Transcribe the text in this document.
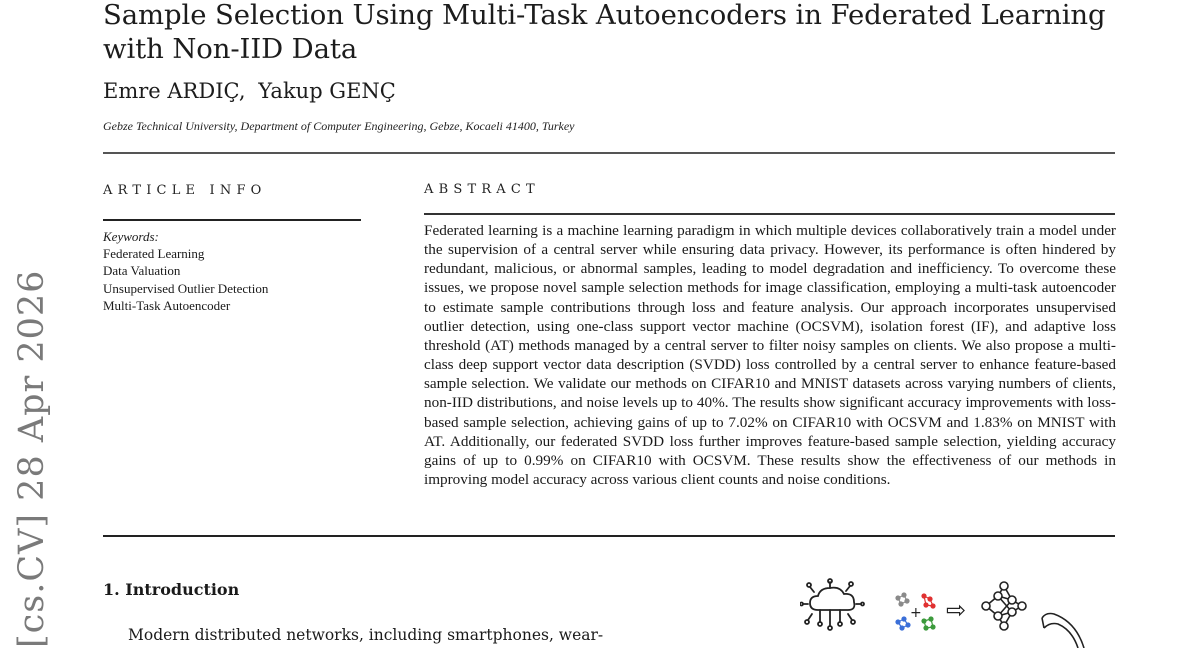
Sample Selection Using Multi-Task Autoencoders in Federated Learning with Non-IID Data
Emre ARDIÇ, Yakup GENÇ
Gebze Technical University, Department of Computer Engineering, Gebze, Kocaeli 41400, Turkey
ARTICLE INFO
Keywords:
Federated Learning
Data Valuation
Unsupervised Outlier Detection
Multi-Task Autoencoder
ABSTRACT

Federated learning is a machine learning paradigm in which multiple devices collaboratively train a model under the supervision of a central server while ensuring data privacy. However, its performance is often hindered by redundant, malicious, or abnormal samples, leading to model degradation and inefficiency. To overcome these issues, we propose novel sample selection methods for image classification, employing a multi-task autoencoder to estimate sample contributions through loss and feature analysis. Our approach incorporates unsupervised outlier detection, using one-class support vector machine (OCSVM), isolation forest (IF), and adaptive loss threshold (AT) methods managed by a central server to filter noisy samples on clients. We also propose a multi-class deep support vector data description (SVDD) loss controlled by a central server to enhance feature-based sample selection. We validate our methods on CIFAR10 and MNIST datasets across varying numbers of clients, non-IID distributions, and noise levels up to 40%. The results show significant accuracy improvements with loss-based sample selection, achieving gains of up to 7.02% on CIFAR10 with OCSVM and 1.83% on MNIST with AT. Additionally, our federated SVDD loss further improves feature-based sample selection, yielding accuracy gains of up to 0.99% on CIFAR10 with OCSVM. These results show the effectiveness of our methods in improving model accuracy across various client counts and noise conditions.

1. Introduction
Modern distributed networks, including smartphones, wear-
[cs.CV] 28 Apr 2026	+ ⇨
